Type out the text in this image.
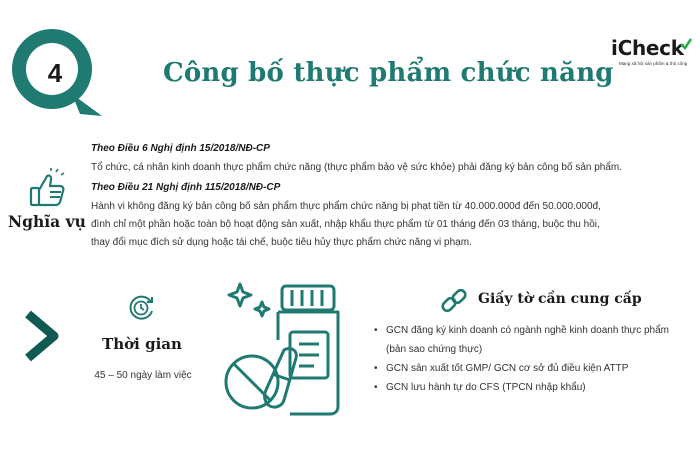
4	Công bố thực phẩm chức năng
iCheck
Mạng xã hội sản phẩm & thủ công
Nghĩa vụ
Theo Điều 6 Nghị định 15/2018/NĐ-CP
Tổ chức, cá nhân kinh doanh thực phẩm chức năng (thực phẩm bảo vệ sức khỏe) phải đăng ký bản công bố sản phẩm.
Theo Điều 21 Nghị định 115/2018/NĐ-CP
Hành vi không đăng ký bản công bố sản phẩm thực phẩm chức năng bị phạt tiền từ 40.000.000đ đến 50.000.000đ,
đình chỉ một phần hoặc toàn bộ hoạt động sản xuất, nhập khẩu thực phẩm từ 01 tháng đến 03 tháng, buộc thu hồi,
thay đổi mục đích sử dụng hoặc tái chế, buộc tiêu hủy thực phẩm chức năng vi phạm.
Thời gian
45 – 50 ngày làm việc
Giấy tờ cần cung cấp
• GCN đăng ký kinh doanh có ngành nghề kinh doanh thực phẩm
(bản sao chứng thực)
• GCN sản xuất tốt GMP/ GCN cơ sở đủ điều kiện ATTP
• GCN lưu hành tự do CFS (TPCN nhập khẩu)
